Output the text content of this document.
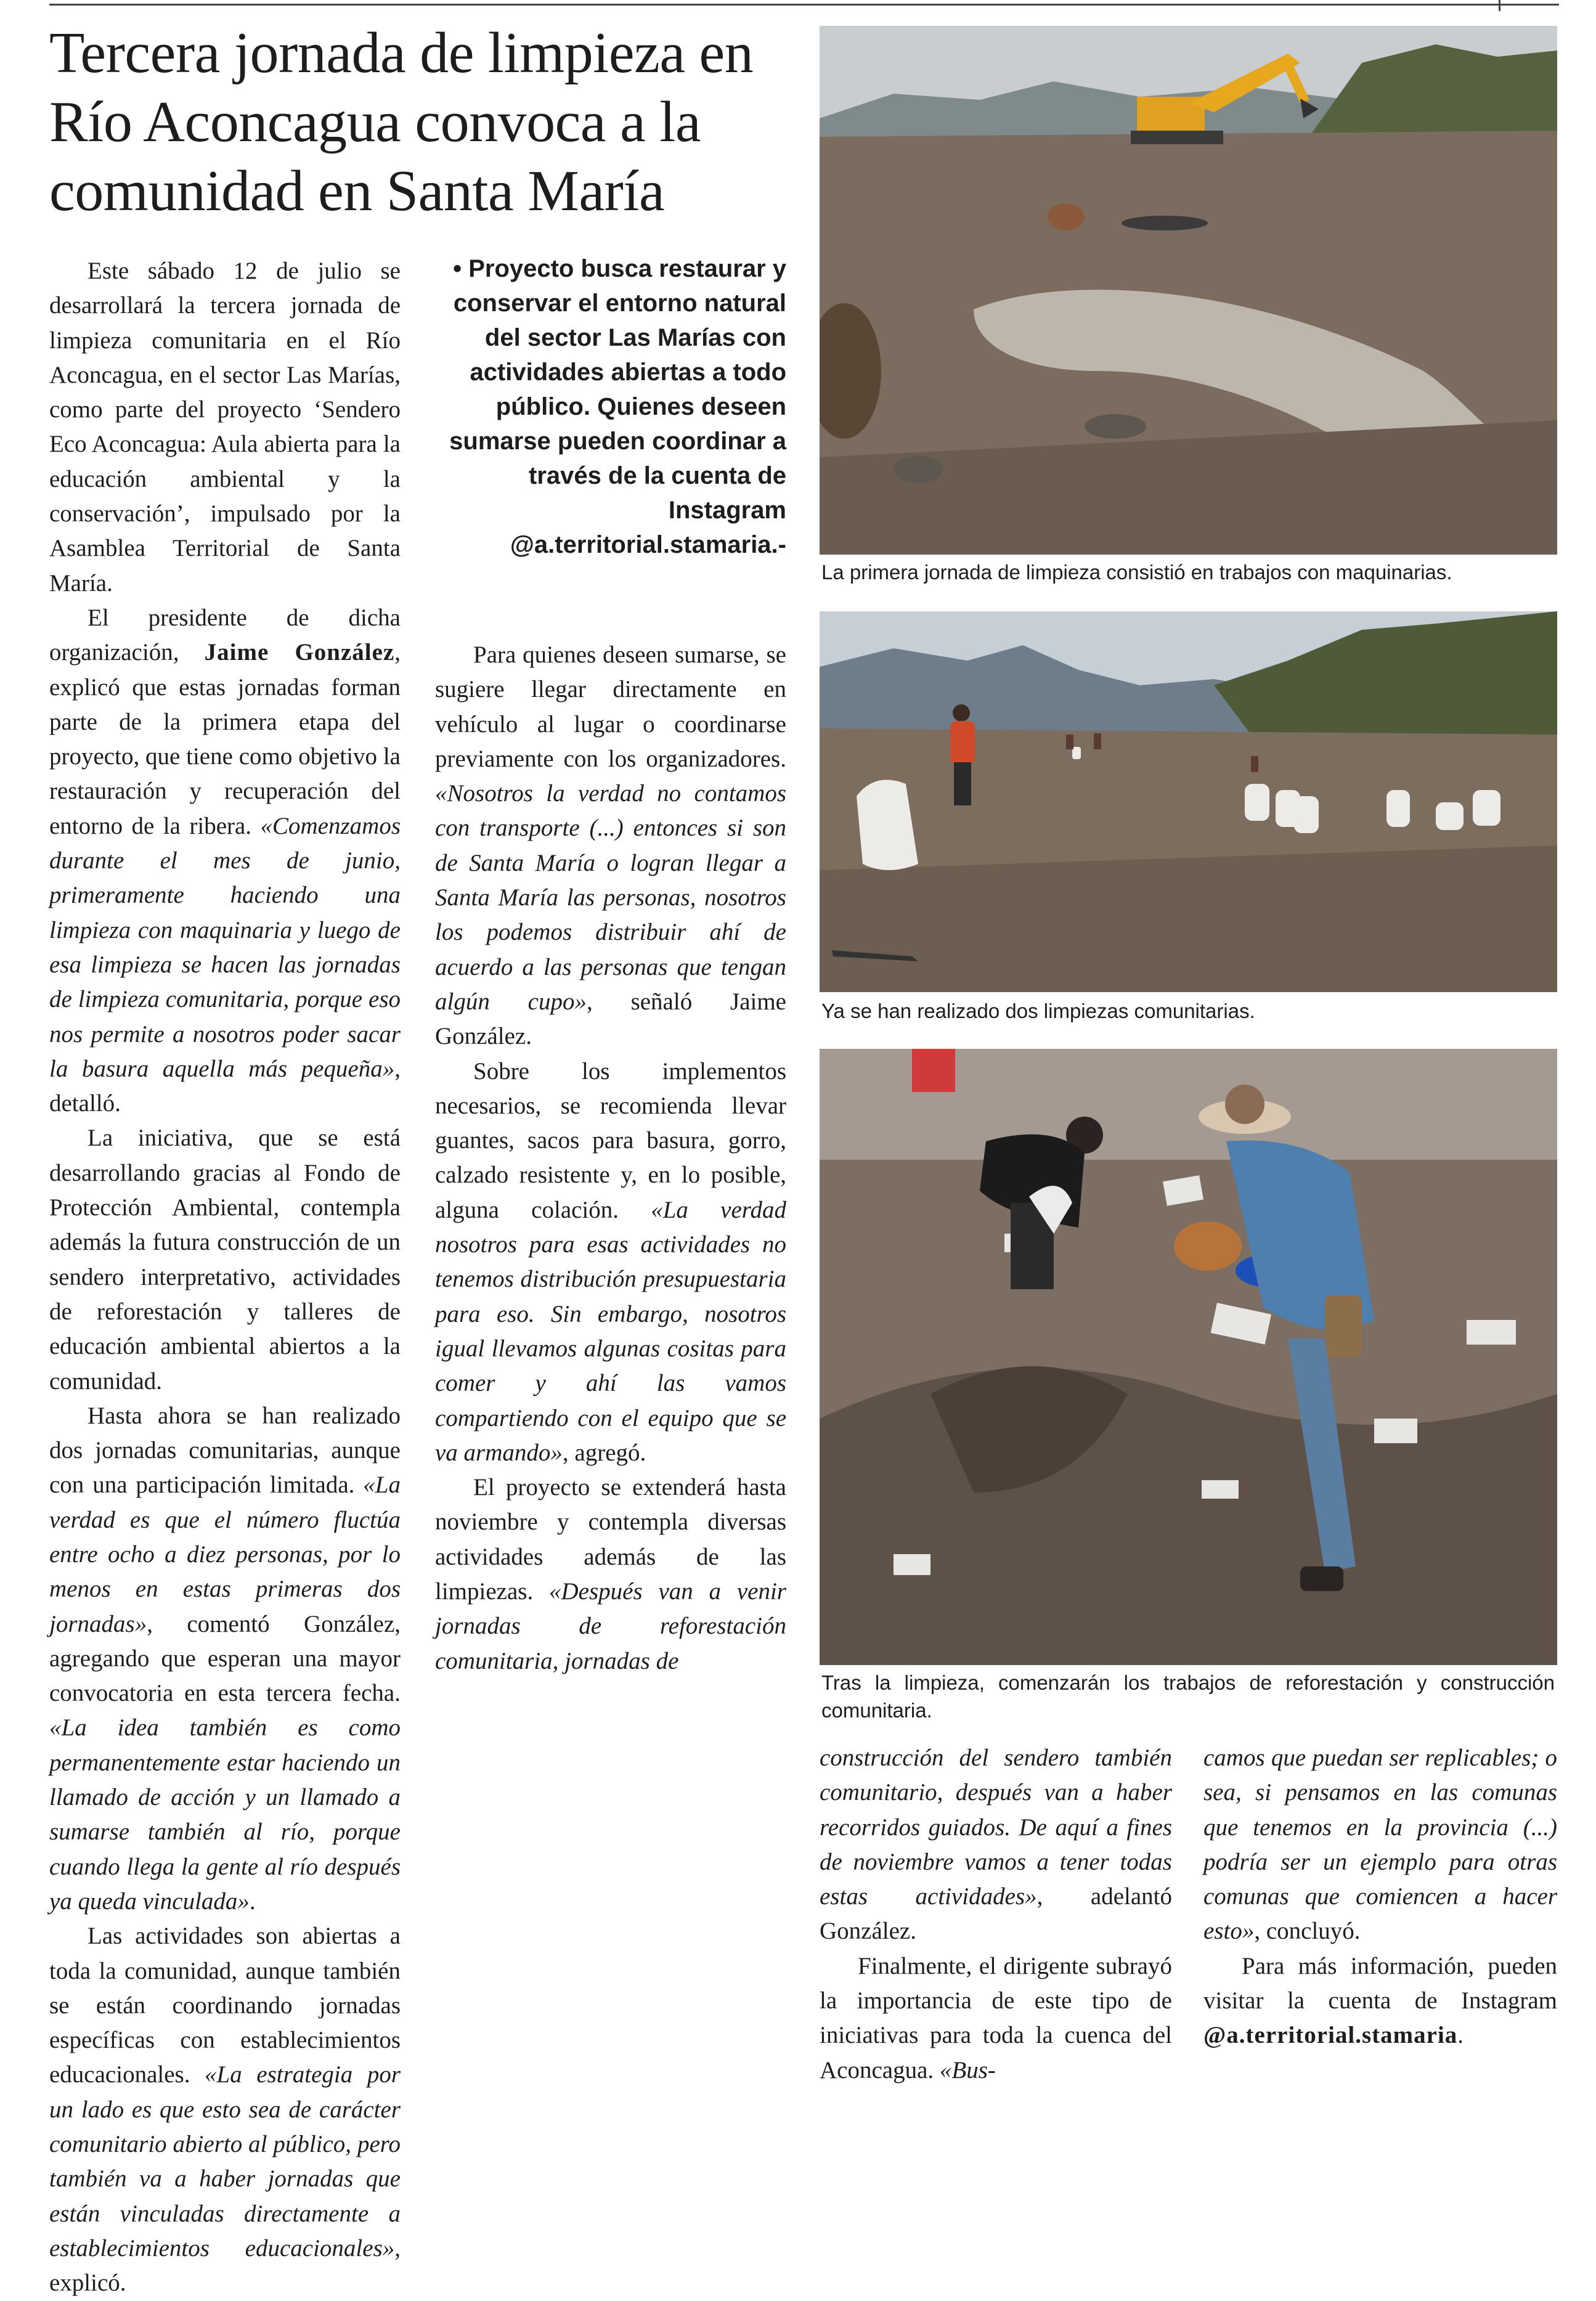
Tercera jornada de limpieza en Río Aconcagua convoca a la comunidad en Santa María

Este sábado 12 de julio se desarrollará la tercera jornada de limpieza comunitaria en el Río Aconcagua, en el sector Las Marías, como parte del proyecto ‘Sendero Eco Aconcagua: Aula abierta para la educación ambiental y la conservación’, impulsado por la Asamblea Territorial de Santa María.

El presidente de dicha organización, Jaime González, explicó que estas jornadas forman parte de la primera etapa del proyecto, que tiene como objetivo la restauración y recuperación del entorno de la ribera. «Comenzamos durante el mes de junio, primeramente haciendo una limpieza con maquinaria y luego de esa limpieza se hacen las jornadas de limpieza comunitaria, porque eso nos permite a nosotros poder sacar la basura aquella más pequeña», detalló.

La iniciativa, que se está desarrollando gracias al Fondo de Protección Ambiental, contempla además la futura construcción de un sendero interpretativo, actividades de reforestación y talleres de educación ambiental abiertos a la comunidad.

Hasta ahora se han realizado dos jornadas comunitarias, aunque con una participación limitada. «La verdad es que el número fluctúa entre ocho a diez personas, por lo menos en estas primeras dos jornadas», comentó González, agregando que esperan una mayor convocatoria en esta tercera fecha. «La idea también es como permanentemente estar haciendo un llamado de acción y un llamado a sumarse también al río, porque cuando llega la gente al río después ya queda vinculada».

Las actividades son abiertas a toda la comunidad, aunque también se están coordinando jornadas específicas con establecimientos educacionales. «La estrategia por un lado es que esto sea de carácter comunitario abierto al público, pero también va a haber jornadas que están vinculadas directamente a establecimientos educacionales», explicó.

• Proyecto busca restaurar y conservar el entorno natural del sector Las Marías con actividades abiertas a todo público. Quienes deseen sumarse pueden coordinar a través de la cuenta de Instagram @a.territorial.stamaria.-

Para quienes deseen sumarse, se sugiere llegar directamente en vehículo al lugar o coordinarse previamente con los organizadores. «Nosotros la verdad no contamos con transporte (...) entonces si son de Santa María o logran llegar a Santa María las personas, nosotros los podemos distribuir ahí de acuerdo a las personas que tengan algún cupo», señaló Jaime González.

Sobre los implementos necesarios, se recomienda llevar guantes, sacos para basura, gorro, calzado resistente y, en lo posible, alguna colación. «La verdad nosotros para esas actividades no tenemos distribución presupuestaria para eso. Sin embargo, nosotros igual llevamos algunas cositas para comer y ahí las vamos compartiendo con el equipo que se va armando», agregó.

El proyecto se extenderá hasta noviembre y contempla diversas actividades además de las limpiezas. «Después van a venir jornadas de reforestación comunitaria, jornadas de

construcción del sendero también comunitario, después van a haber recorridos guiados. De aquí a fines de noviembre vamos a tener todas estas actividades», adelantó González.

Finalmente, el dirigente subrayó la importancia de este tipo de iniciativas para toda la cuenca del Aconcagua. «Bus-

camos que puedan ser replicables; o sea, si pensamos en las comunas que tenemos en la provincia (...) podría ser un ejemplo para otras comunas que comiencen a hacer esto», concluyó.

Para más información, pueden visitar la cuenta de Instagram @a.territorial.stamaria.

La primera jornada de limpieza consistió en trabajos con maquinarias.
Ya se han realizado dos limpiezas comunitarias.
Tras la limpieza, comenzarán los trabajos de reforestación y construcción comunitaria.
